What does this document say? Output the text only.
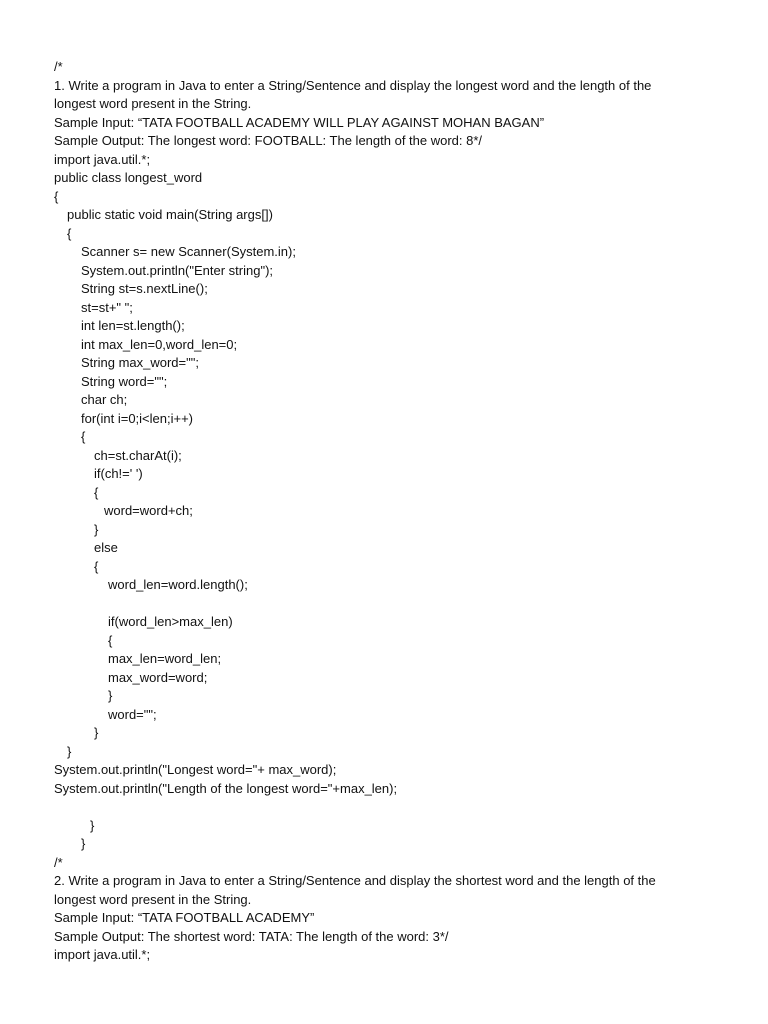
/*
1. Write a program in Java to enter a String/Sentence and display the longest word and the length of the
longest word present in the String.
Sample Input: “TATA FOOTBALL ACADEMY WILL PLAY AGAINST MOHAN BAGAN”
Sample Output: The longest word: FOOTBALL: The length of the word: 8*/
import java.util.*;
public class longest_word
{
public static void main(String args[])
{
Scanner s= new Scanner(System.in);
System.out.println("Enter string");
String st=s.nextLine();
st=st+" ";
int len=st.length();
int max_len=0,word_len=0;
String max_word="";
String word="";
char ch;
for(int i=0;i<len;i++)
{
ch=st.charAt(i);
if(ch!=' ')
{
word=word+ch;
}
else
{
word_len=word.length();
if(word_len>max_len)
{
max_len=word_len;
max_word=word;
}
word="";
}
}
System.out.println("Longest word="+ max_word);
System.out.println("Length of the longest word="+max_len);
}
}
/*
2. Write a program in Java to enter a String/Sentence and display the shortest word and the length of the
longest word present in the String.
Sample Input: “TATA FOOTBALL ACADEMY”
Sample Output: The shortest word: TATA: The length of the word: 3*/
import java.util.*;
